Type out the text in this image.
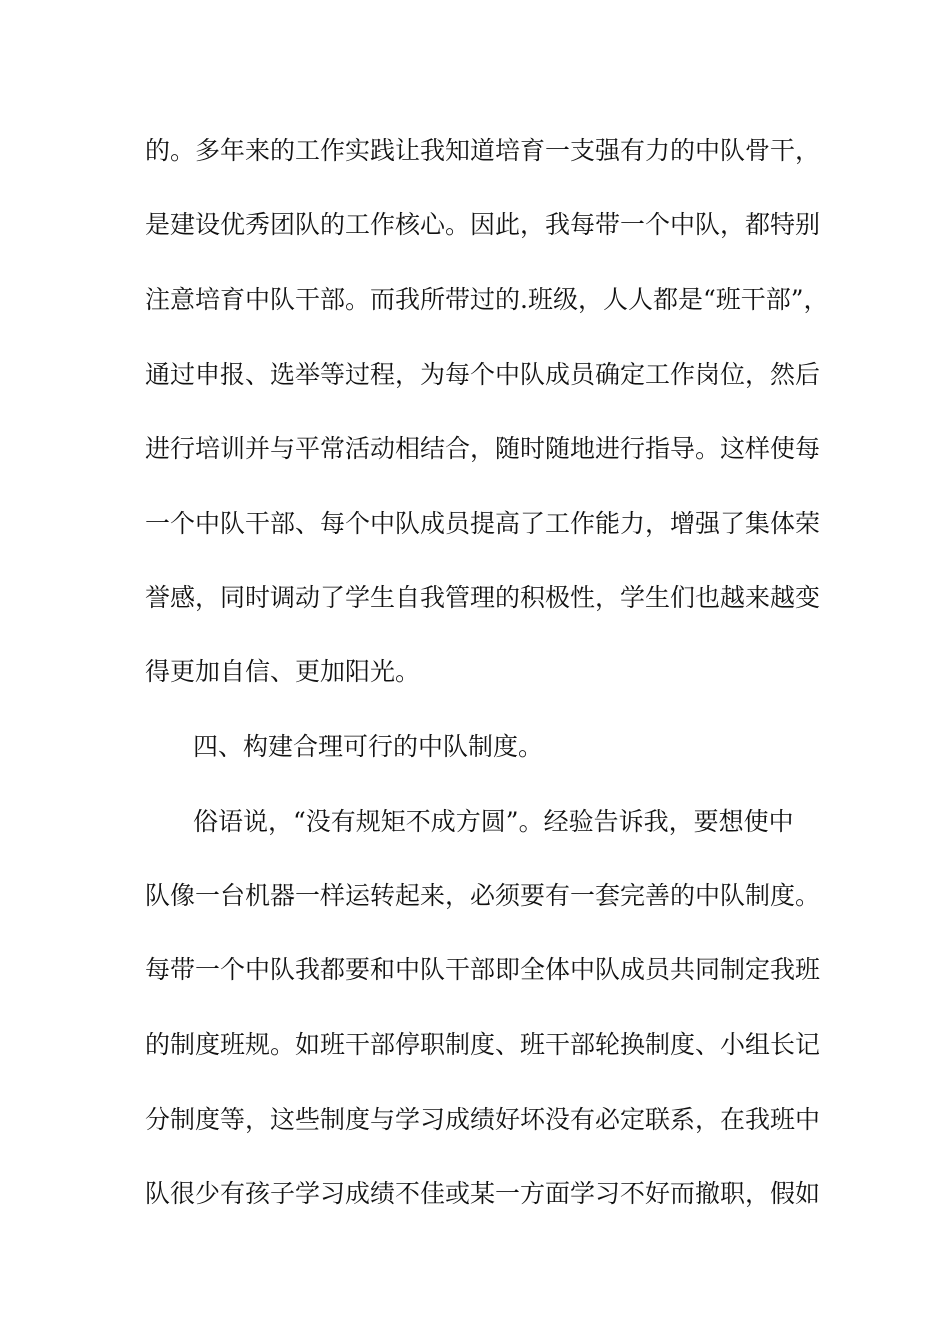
的。多年来的工作实践让我知道培育一支强有力的中队骨干，
是建设优秀团队的工作核心。因此，我每带一个中队，都特别
注意培育中队干部。而我所带过的.班级，人人都是“班干部”，
通过申报、选举等过程，为每个中队成员确定工作岗位，然后
进行培训并与平常活动相结合，随时随地进行指导。这样使每
一个中队干部、每个中队成员提高了工作能力，增强了集体荣
誉感，同时调动了学生自我管理的积极性，学生们也越来越变
得更加自信、更加阳光。
四、构建合理可行的中队制度。
俗语说，“没有规矩不成方圆”。经验告诉我，要想使中
队像一台机器一样运转起来，必须要有一套完善的中队制度。
每带一个中队我都要和中队干部即全体中队成员共同制定我班
的制度班规。如班干部停职制度、班干部轮换制度、小组长记
分制度等，这些制度与学习成绩好坏没有必定联系，在我班中
队很少有孩子学习成绩不佳或某一方面学习不好而撤职，假如
